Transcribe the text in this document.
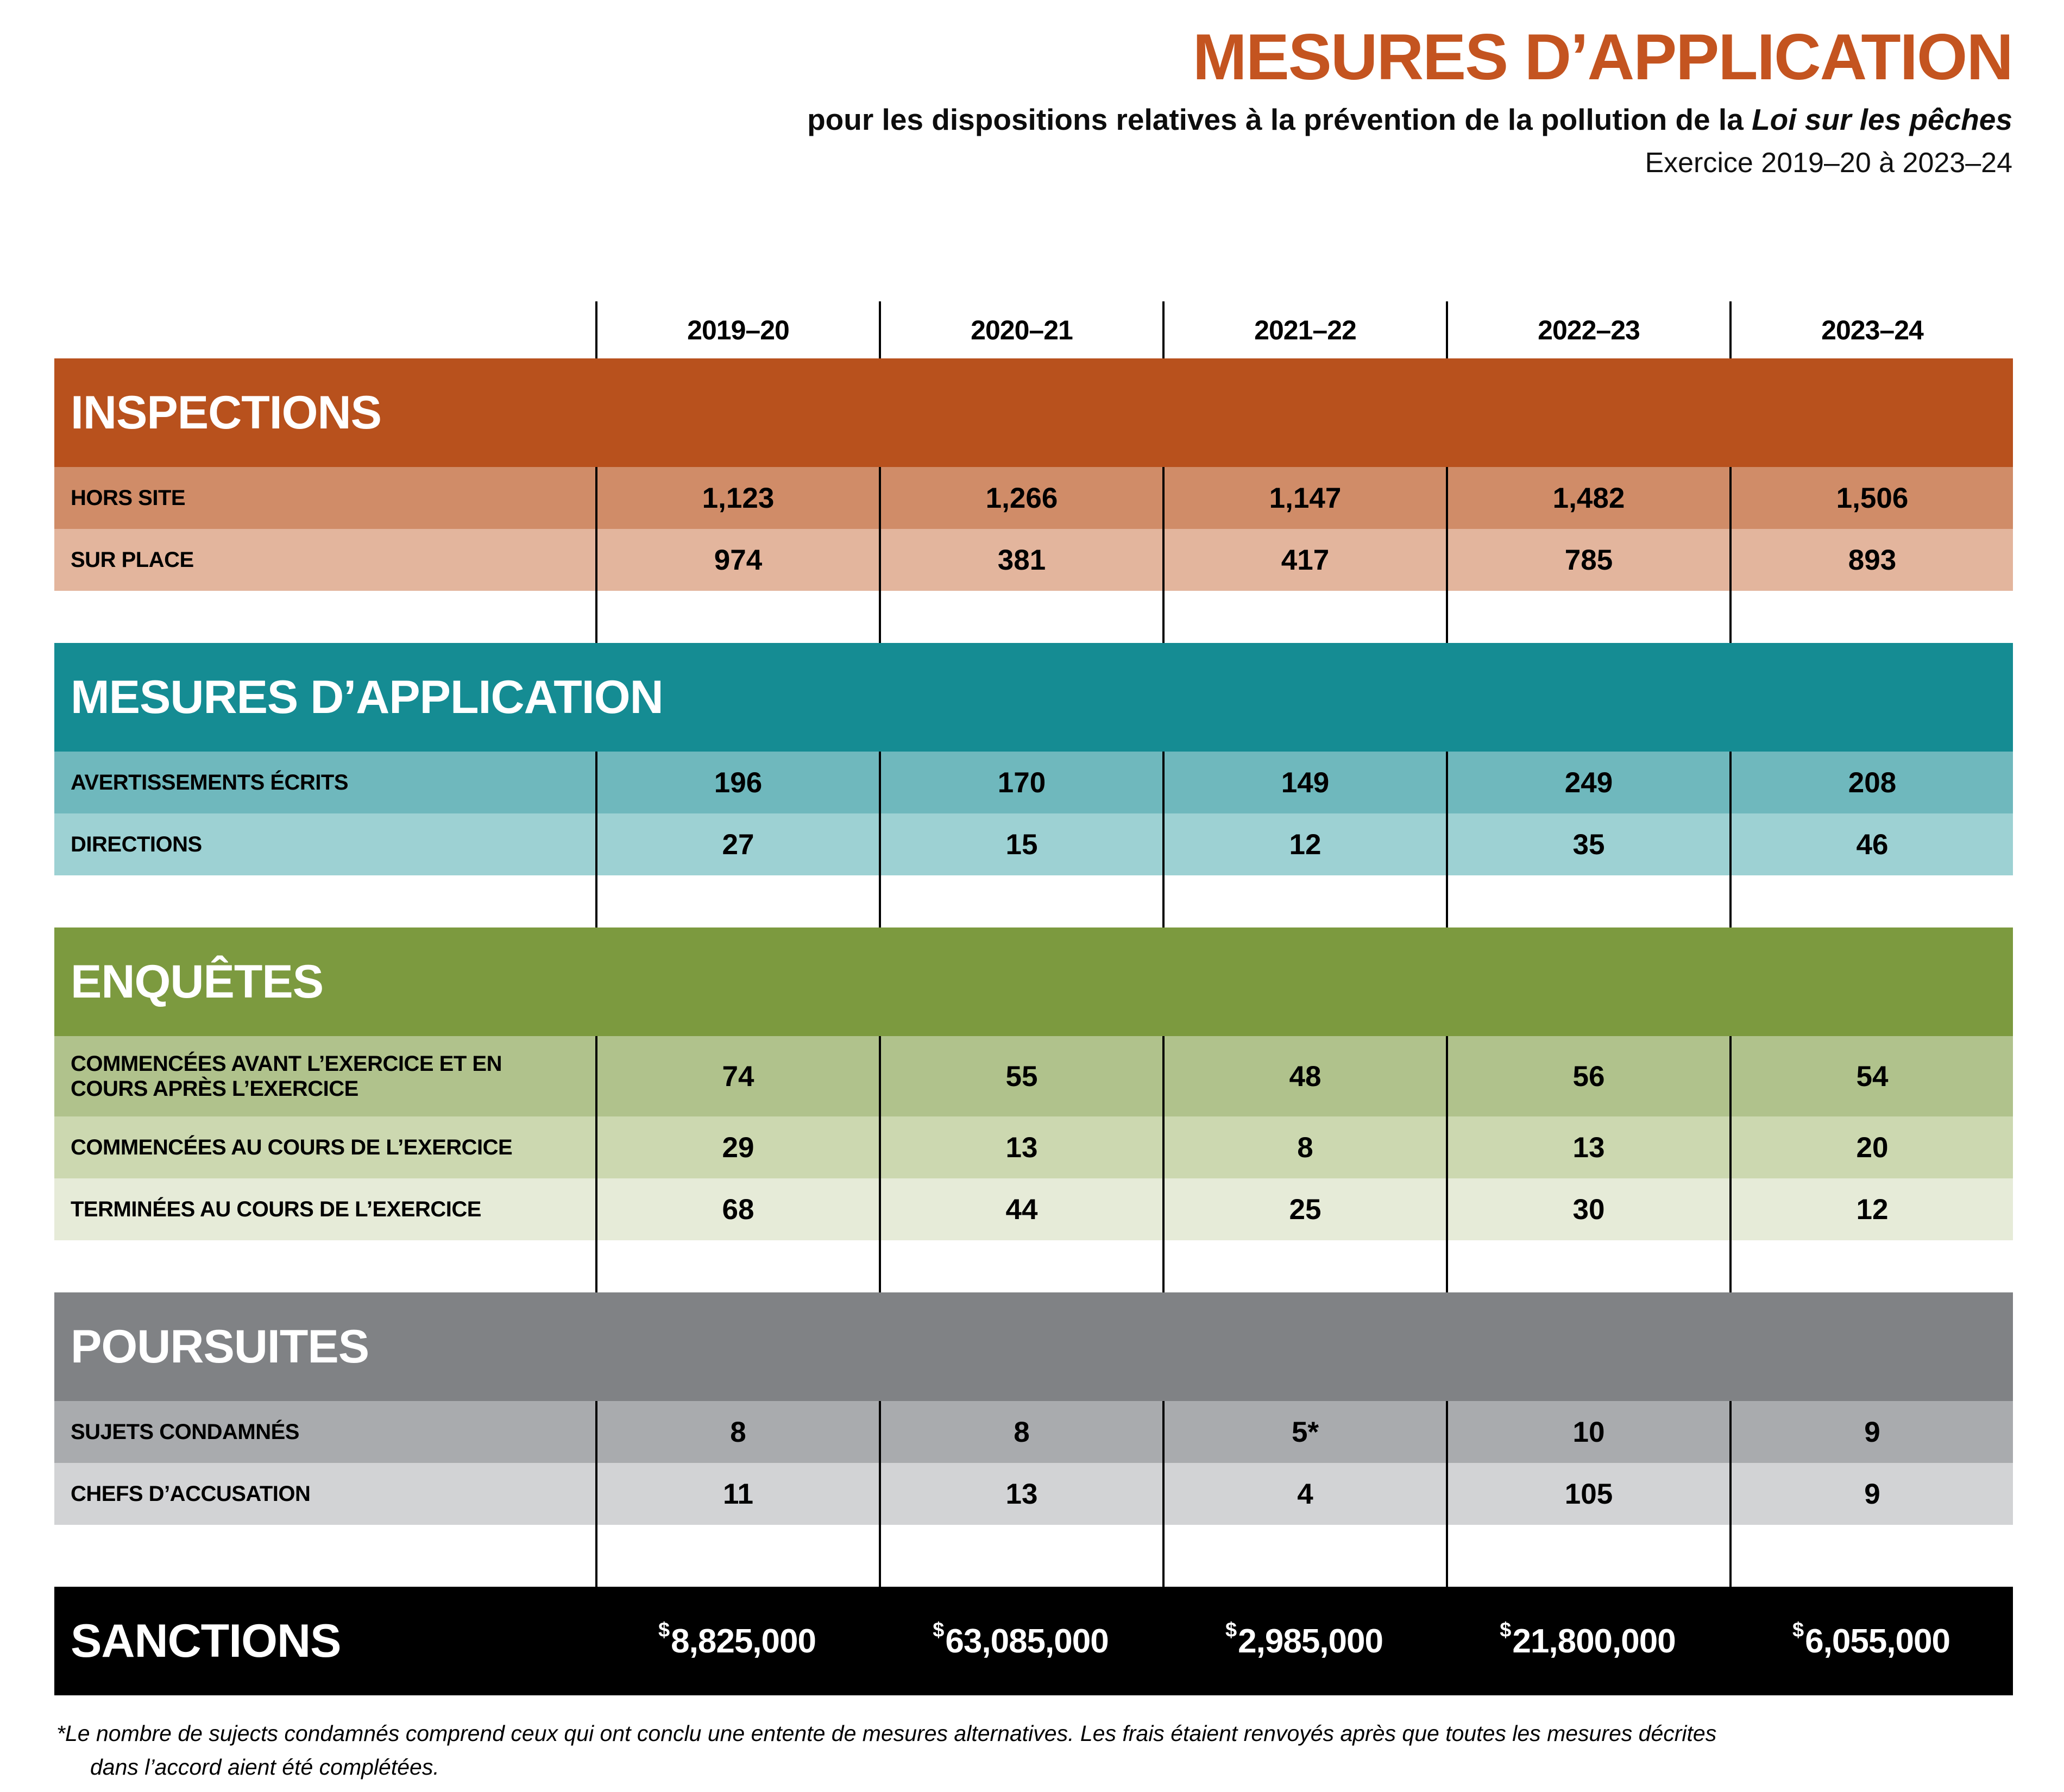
MESURES D’APPLICATION
pour les dispositions relatives à la prévention de la pollution de la Loi sur les pêches
Exercice 2019–20 à 2023–24
2019–20	2020–21	2021–22	2022–23	2023–24
INSPECTIONS
HORS SITE	1,123	1,266	1,147	1,482	1,506
SUR PLACE	974	381	417	785	893
MESURES D’APPLICATION
AVERTISSEMENTS ÉCRITS	196	170	149	249	208
DIRECTIONS	27	15	12	35	46
ENQUÊTES
COMMENCÉES AVANT L’EXERCICE ET EN COURS APRÈS L’EXERCICE	74	55	48	56	54
COMMENCÉES AU COURS DE L’EXERCICE	29	13	8	13	20
TERMINÉES AU COURS DE L’EXERCICE	68	44	25	30	12
POURSUITES
SUJETS CONDAMNÉS	8	8	5*	10	9
CHEFS D’ACCUSATION	11	13	4	105	9
SANCTIONS	$ 8,825,000	$ 63,085,000	$ 2,985,000	$ 21,800,000	$ 6,055,000
*Le nombre de sujects condamnés comprend ceux qui ont conclu une entente de mesures alternatives. Les frais étaient renvoyés après que toutes les mesures décrites
dans l’accord aient été complétées.
